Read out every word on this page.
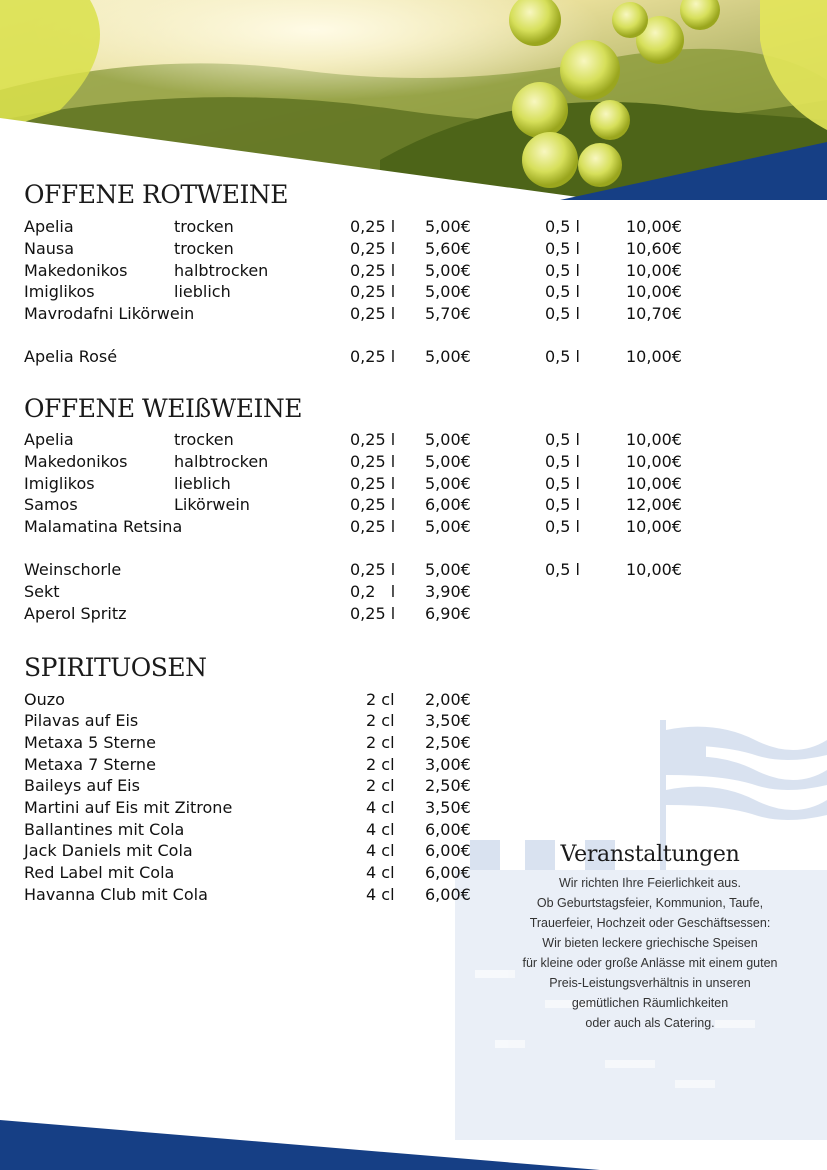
OFFENE ROTWEINE
Apelia	trocken	0,25 l 5,00€	0,5 l	10,00€
Nausa	trocken	0,25 l 5,60€	0,5 l	10,60€
Makedonikos	halbtrocken	0,25 l 5,00€	0,5 l	10,00€
Imiglikos	lieblich	0,25 l 5,00€	0,5 l	10,00€
Mavrodafni Likörwein	0,25 l 5,70€	0,5 l	10,70€
Apelia Rosé	0,25 l 5,00€	0,5 l	10,00€
OFFENE WEIßWEINE
Apelia	trocken	0,25 l 5,00€	0,5 l	10,00€
Makedonikos	halbtrocken	0,25 l 5,00€	0,5 l	10,00€
Imiglikos	lieblich	0,25 l 5,00€	0,5 l	10,00€
Samos	Likörwein	0,25 l 6,00€	0,5 l	12,00€
Malamatina Retsina	0,25 l 5,00€	0,5 l	10,00€
Weinschorle	0,25 l 5,00€	0,5 l	10,00€
Sekt	0,2   l 3,90€
Aperol Spritz	0,25 l 6,90€
SPIRITUOSEN
Ouzo	2 cl 2,00€
Pilavas auf Eis	2 cl 3,50€
Metaxa 5 Sterne	2 cl 2,50€
Metaxa 7 Sterne	2 cl 3,00€
Baileys auf Eis	2 cl 2,50€
Martini auf Eis mit Zitrone	4 cl 3,50€
Ballantines mit Cola	4 cl 6,00€
Jack Daniels mit Cola	4 cl 6,00€
Red Label mit Cola	4 cl 6,00€
Havanna Club mit Cola	4 cl 6,00€
Veranstaltungen

Wir richten Ihre Feierlichkeit aus.

Ob Geburtstagsfeier, Kommunion, Taufe,

Trauerfeier, Hochzeit oder Geschäftsessen:

Wir bieten leckere griechische Speisen

für kleine oder große Anlässe mit einem guten

Preis-Leistungsverhältnis in unseren

gemütlichen Räumlichkeiten

oder auch als Catering.
